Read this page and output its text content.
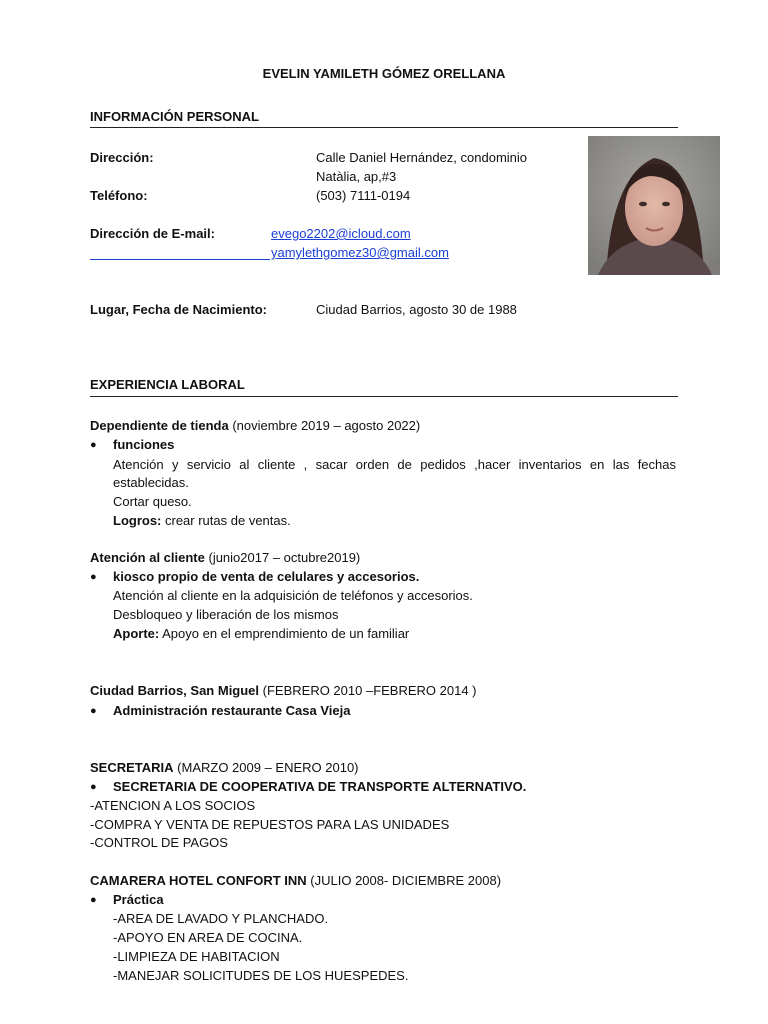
EVELIN YAMILETH GÓMEZ ORELLANA
INFORMACIÓN PERSONAL
Dirección:	Calle Daniel Hernández, condominio
Natàlia, ap,#3
Teléfono:	(503) 7111-0194
Dirección de E-mail:	evego2202@icloud.com
yamylethgomez30@gmail.com
Lugar, Fecha de Nacimiento:	Ciudad Barrios, agosto 30 de 1988
EXPERIENCIA LABORAL
Dependiente de tienda (noviembre 2019 – agosto 2022)
● funciones
Atención y servicio al cliente , sacar orden de pedidos ,hacer inventarios en las fechas
establecidas.
Cortar queso.
Logros: crear rutas de ventas.
Atención al cliente (junio2017 – octubre2019)
● kiosco propio de venta de celulares y accesorios.
Atención al cliente en la adquisición de teléfonos y accesorios.
Desbloqueo y liberación de los mismos
Aporte: Apoyo en el emprendimiento de un familiar
Ciudad Barrios, San Miguel (FEBRERO 2010 –FEBRERO 2014 )
● Administración restaurante Casa Vieja
SECRETARIA (MARZO 2009 – ENERO 2010)
● SECRETARIA DE COOPERATIVA DE TRANSPORTE ALTERNATIVO.
-ATENCION A LOS SOCIOS
-COMPRA Y VENTA DE REPUESTOS PARA LAS UNIDADES
-CONTROL DE PAGOS
CAMARERA HOTEL CONFORT INN (JULIO 2008- DICIEMBRE 2008)
● Práctica
-AREA DE LAVADO Y PLANCHADO.
-APOYO EN AREA DE COCINA.
-LIMPIEZA DE HABITACION
-MANEJAR SOLICITUDES DE LOS HUESPEDES.
